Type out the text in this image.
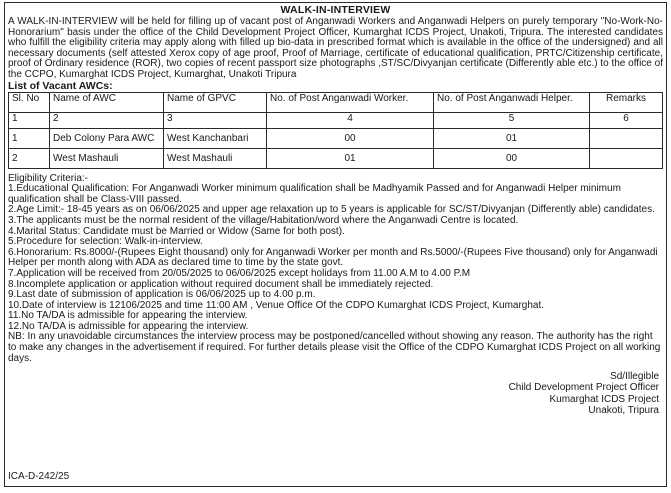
WALK-IN-INTERVIEW

A WALK-IN-INTERVIEW will be held for filling up of vacant post of Anganwadi Workers and Anganwadi Helpers on purely temporary "No-Work-No-Honorarium" basis under the office of the Child Development Project Officer, Kumarghat ICDS Project, Unakoti, Tripura. The interested candidates who fulfill the eligibility criteria may apply along with filled up bio-data in prescribed format which is available in the office of the undersigned) and all necessary documents (self attested Xerox copy of age proof, Proof of Marriage, certificate of educational qualification, PRTC/Citizenship certificate, proof of Ordinary residence (ROR), two copies of recent passport size photographs ,ST/SC/Divyanjan certificate (Differently able etc.) to the office of the CCPO, Kumarghat ICDS Project, Kumarghat, Unakoti Tripura

List of Vacant AWCs:

Sl. No	Name of AWC	Name of GPVC	No. of Post Anganwadi Worker.	No. of Post Anganwadi Helper.	Remarks
1	2	3	4	5	6
1	Deb Colony Para AWC	West Kanchanbari	00	01	
2	West Mashauli	West Mashauli	01	00	

Eligibility Criteria:-

1.Educational Qualification: For Anganwadi Worker minimum qualification shall be Madhyamik Passed and for Anganwadi Helper minimum qualification shall be Class-VIII passed.

2.Age Limit:- 18-45 years as on 06/06/2025 and upper age relaxation up to 5 years is applicable for SC/ST/Divyanjan (Differently able) candidates.

3.The applicants must be the normal resident of the village/Habitation/word where the Anganwadi Centre is located.

4.Marital Status: Candidate must be Married or Widow (Same for both post).

5.Procedure for selection: Walk-in-interview.

6.Honorarium: Rs.8000/-(Rupees Eight thousand) only for Anganwadi Worker per month and Rs.5000/-(Rupees Five thousand) only for Anganwadi Helper per month along with ADA as declared time to time by the state govt.

7.Application will be received from 20/05/2025 to 06/06/2025 except holidays from 11.00 A.M to 4.00 P.M

8.Incomplete application or application without required document shall be immediately rejected.

9.Last date of submission of application is 06/06/2025 up to 4.00 p.m.

10.Date of interview is 12106/2025 and time 11:00 AM , Venue Office Of the CDPO Kumarghat ICDS Project, Kumarghat.

11.No TA/DA is admissible for appearing the interview.

12.No TA/DA is admissible for appearing the interview.

NB: In any unavoidable circumstances the interview process may be postponed/cancelled without showing any reason. The authority has the right to make any changes in the advertisement if required. For further details please visit the Office of the CDPO Kumarghat ICDS Project on all working days.

Sd/Illegible
Child Development Project Officer
Kumarghat ICDS Project
Unakoti, Tripura
ICA-D-242/25
